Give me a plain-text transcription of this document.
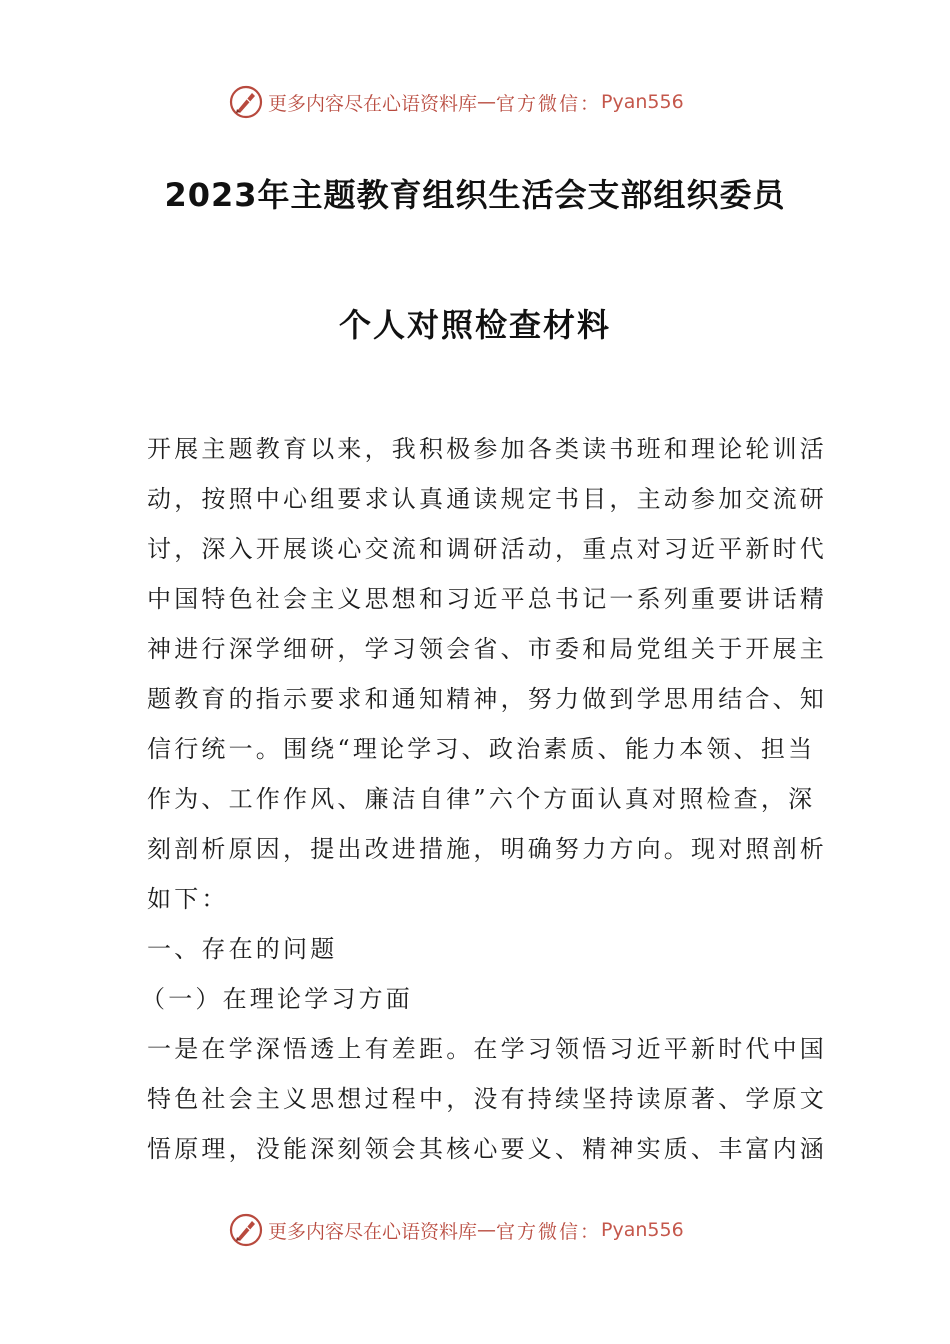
更多内容尽在心语资料库 — 官方微信： Pyan556
2023年主题教育组织生活会支部组织委员
个人对照检查材料
开展主题教育以来，我积极参加各类读书班和理论轮训活
动，按照中心组要求认真通读规定书目，主动参加交流研
讨，深入开展谈心交流和调研活动，重点对习近平新时代
中国特色社会主义思想和习近平总书记一系列重要讲话精
神进行深学细研，学习领会省、市委和局党组关于开展主
题教育的指示要求和通知精神，努力做到学思用结合、知
信行统一。围绕“理论学习、政治素质、能力本领、担当
作为、工作作风、廉洁自律”六个方面认真对照检查，深
刻剖析原因，提出改进措施，明确努力方向。现对照剖析
如下：
一、存在的问题
（一）在理论学习方面
一是在学深悟透上有差距。在学习领悟习近平新时代中国
特色社会主义思想过程中，没有持续坚持读原著、学原文
悟原理，没能深刻领会其核心要义、精神实质、丰富内涵
更多内容尽在心语资料库 — 官方微信： Pyan556
